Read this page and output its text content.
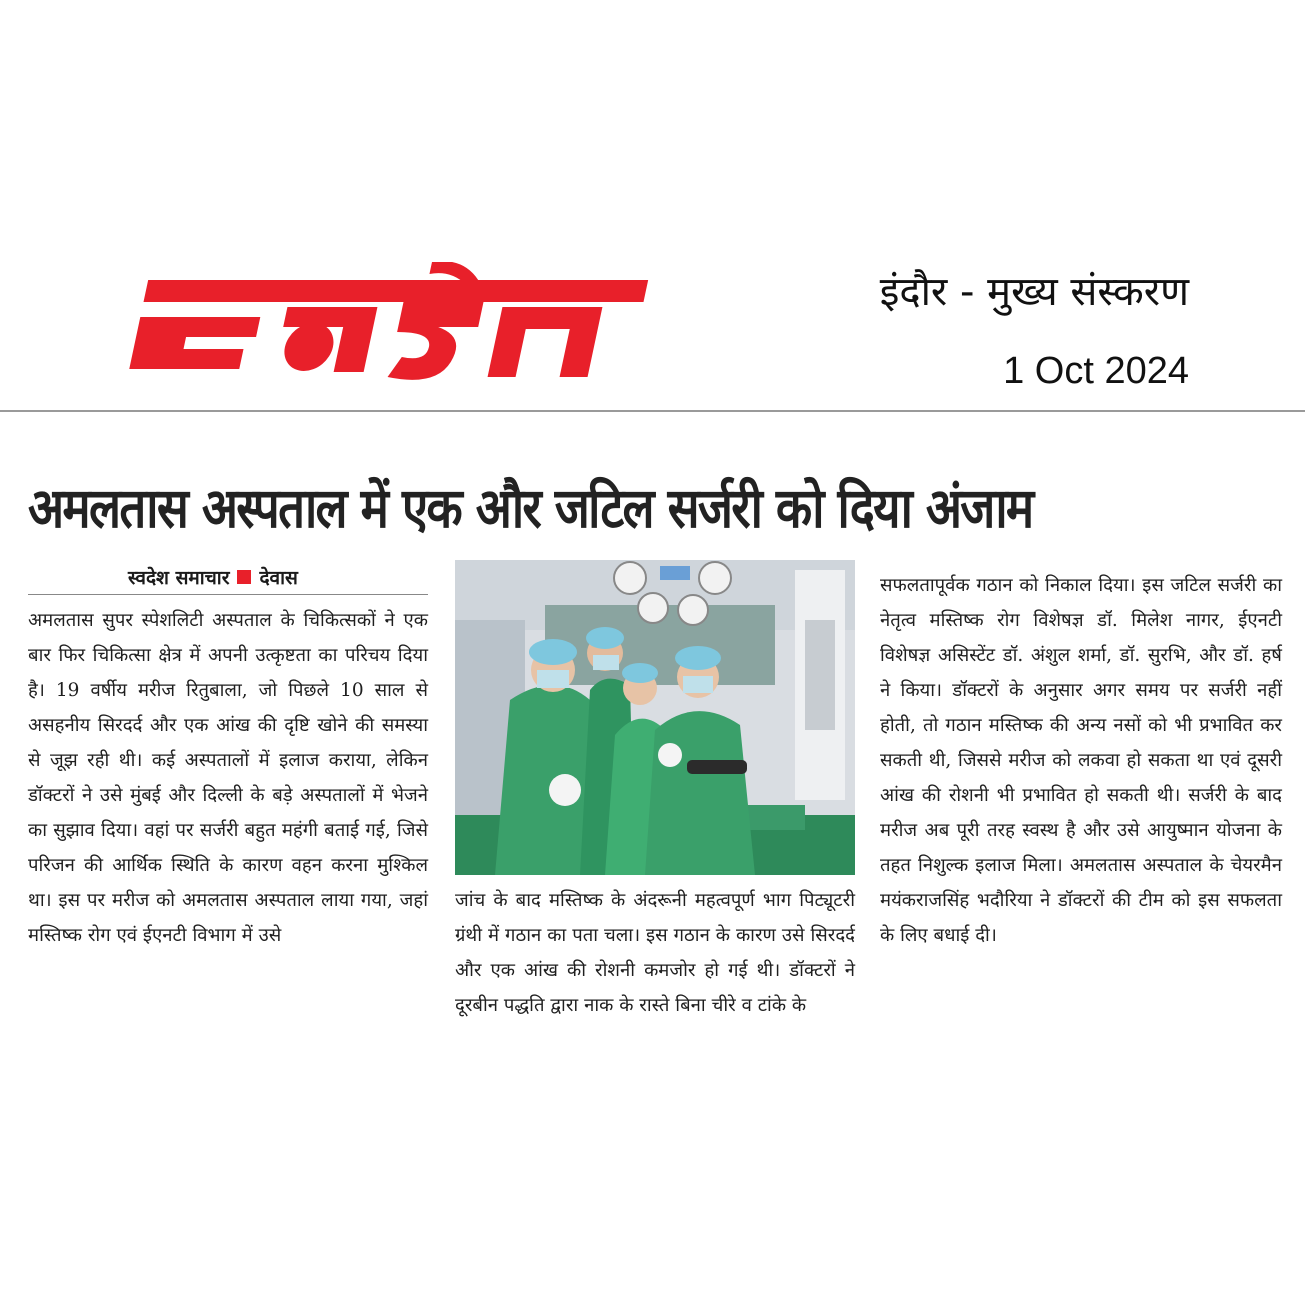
इंदौर - मुख्य संस्करण
1 Oct 2024
अमलतास अस्पताल में एक और जटिल सर्जरी को दिया अंजाम
स्वदेश समाचार देवास

अमलतास सुपर स्पेशलिटी अस्पताल के चिकित्सकों ने एक बार फिर चिकित्सा क्षेत्र में अपनी उत्कृष्टता का परिचय दिया है। 19 वर्षीय मरीज रितुबाला, जो पिछले 10 साल से असहनीय सिरदर्द और एक आंख की दृष्टि खोने की समस्या से जूझ रही थी। कई अस्पतालों में इलाज कराया, लेकिन डॉक्टरों ने उसे मुंबई और दिल्ली के बड़े अस्पतालों में भेजने का सुझाव दिया। वहां पर सर्जरी बहुत महंगी बताई गई, जिसे परिजन की आर्थिक स्थिति के कारण वहन करना मुश्किल था। इस पर मरीज को अमलतास अस्पताल लाया गया, जहां मस्तिष्क रोग एवं ईएनटी विभाग में उसे

जांच के बाद मस्तिष्क के अंदरूनी महत्वपूर्ण भाग पिट्यूटरी ग्रंथी में गठान का पता चला। इस गठान के कारण उसे सिरदर्द और एक आंख की रोशनी कमजोर हो गई थी। डॉक्टरों ने दूरबीन पद्धति द्वारा नाक के रास्ते बिना चीरे व टांके के

सफलतापूर्वक गठान को निकाल दिया। इस जटिल सर्जरी का नेतृत्व मस्तिष्क रोग विशेषज्ञ डॉ. मिलेश नागर, ईएनटी विशेषज्ञ असिस्टेंट डॉ. अंशुल शर्मा, डॉ. सुरभि, और डॉ. हर्ष ने किया। डॉक्टरों के अनुसार अगर समय पर सर्जरी नहीं होती, तो गठान मस्तिष्क की अन्य नसों को भी प्रभावित कर सकती थी, जिससे मरीज को लकवा हो सकता था एवं दूसरी आंख की रोशनी भी प्रभावित हो सकती थी। सर्जरी के बाद मरीज अब पूरी तरह स्वस्थ है और उसे आयुष्मान योजना के तहत निशुल्क इलाज मिला। अमलतास अस्पताल के चेयरमैन मयंकराजसिंह भदौरिया ने डॉक्टरों की टीम को इस सफलता के लिए बधाई दी।
